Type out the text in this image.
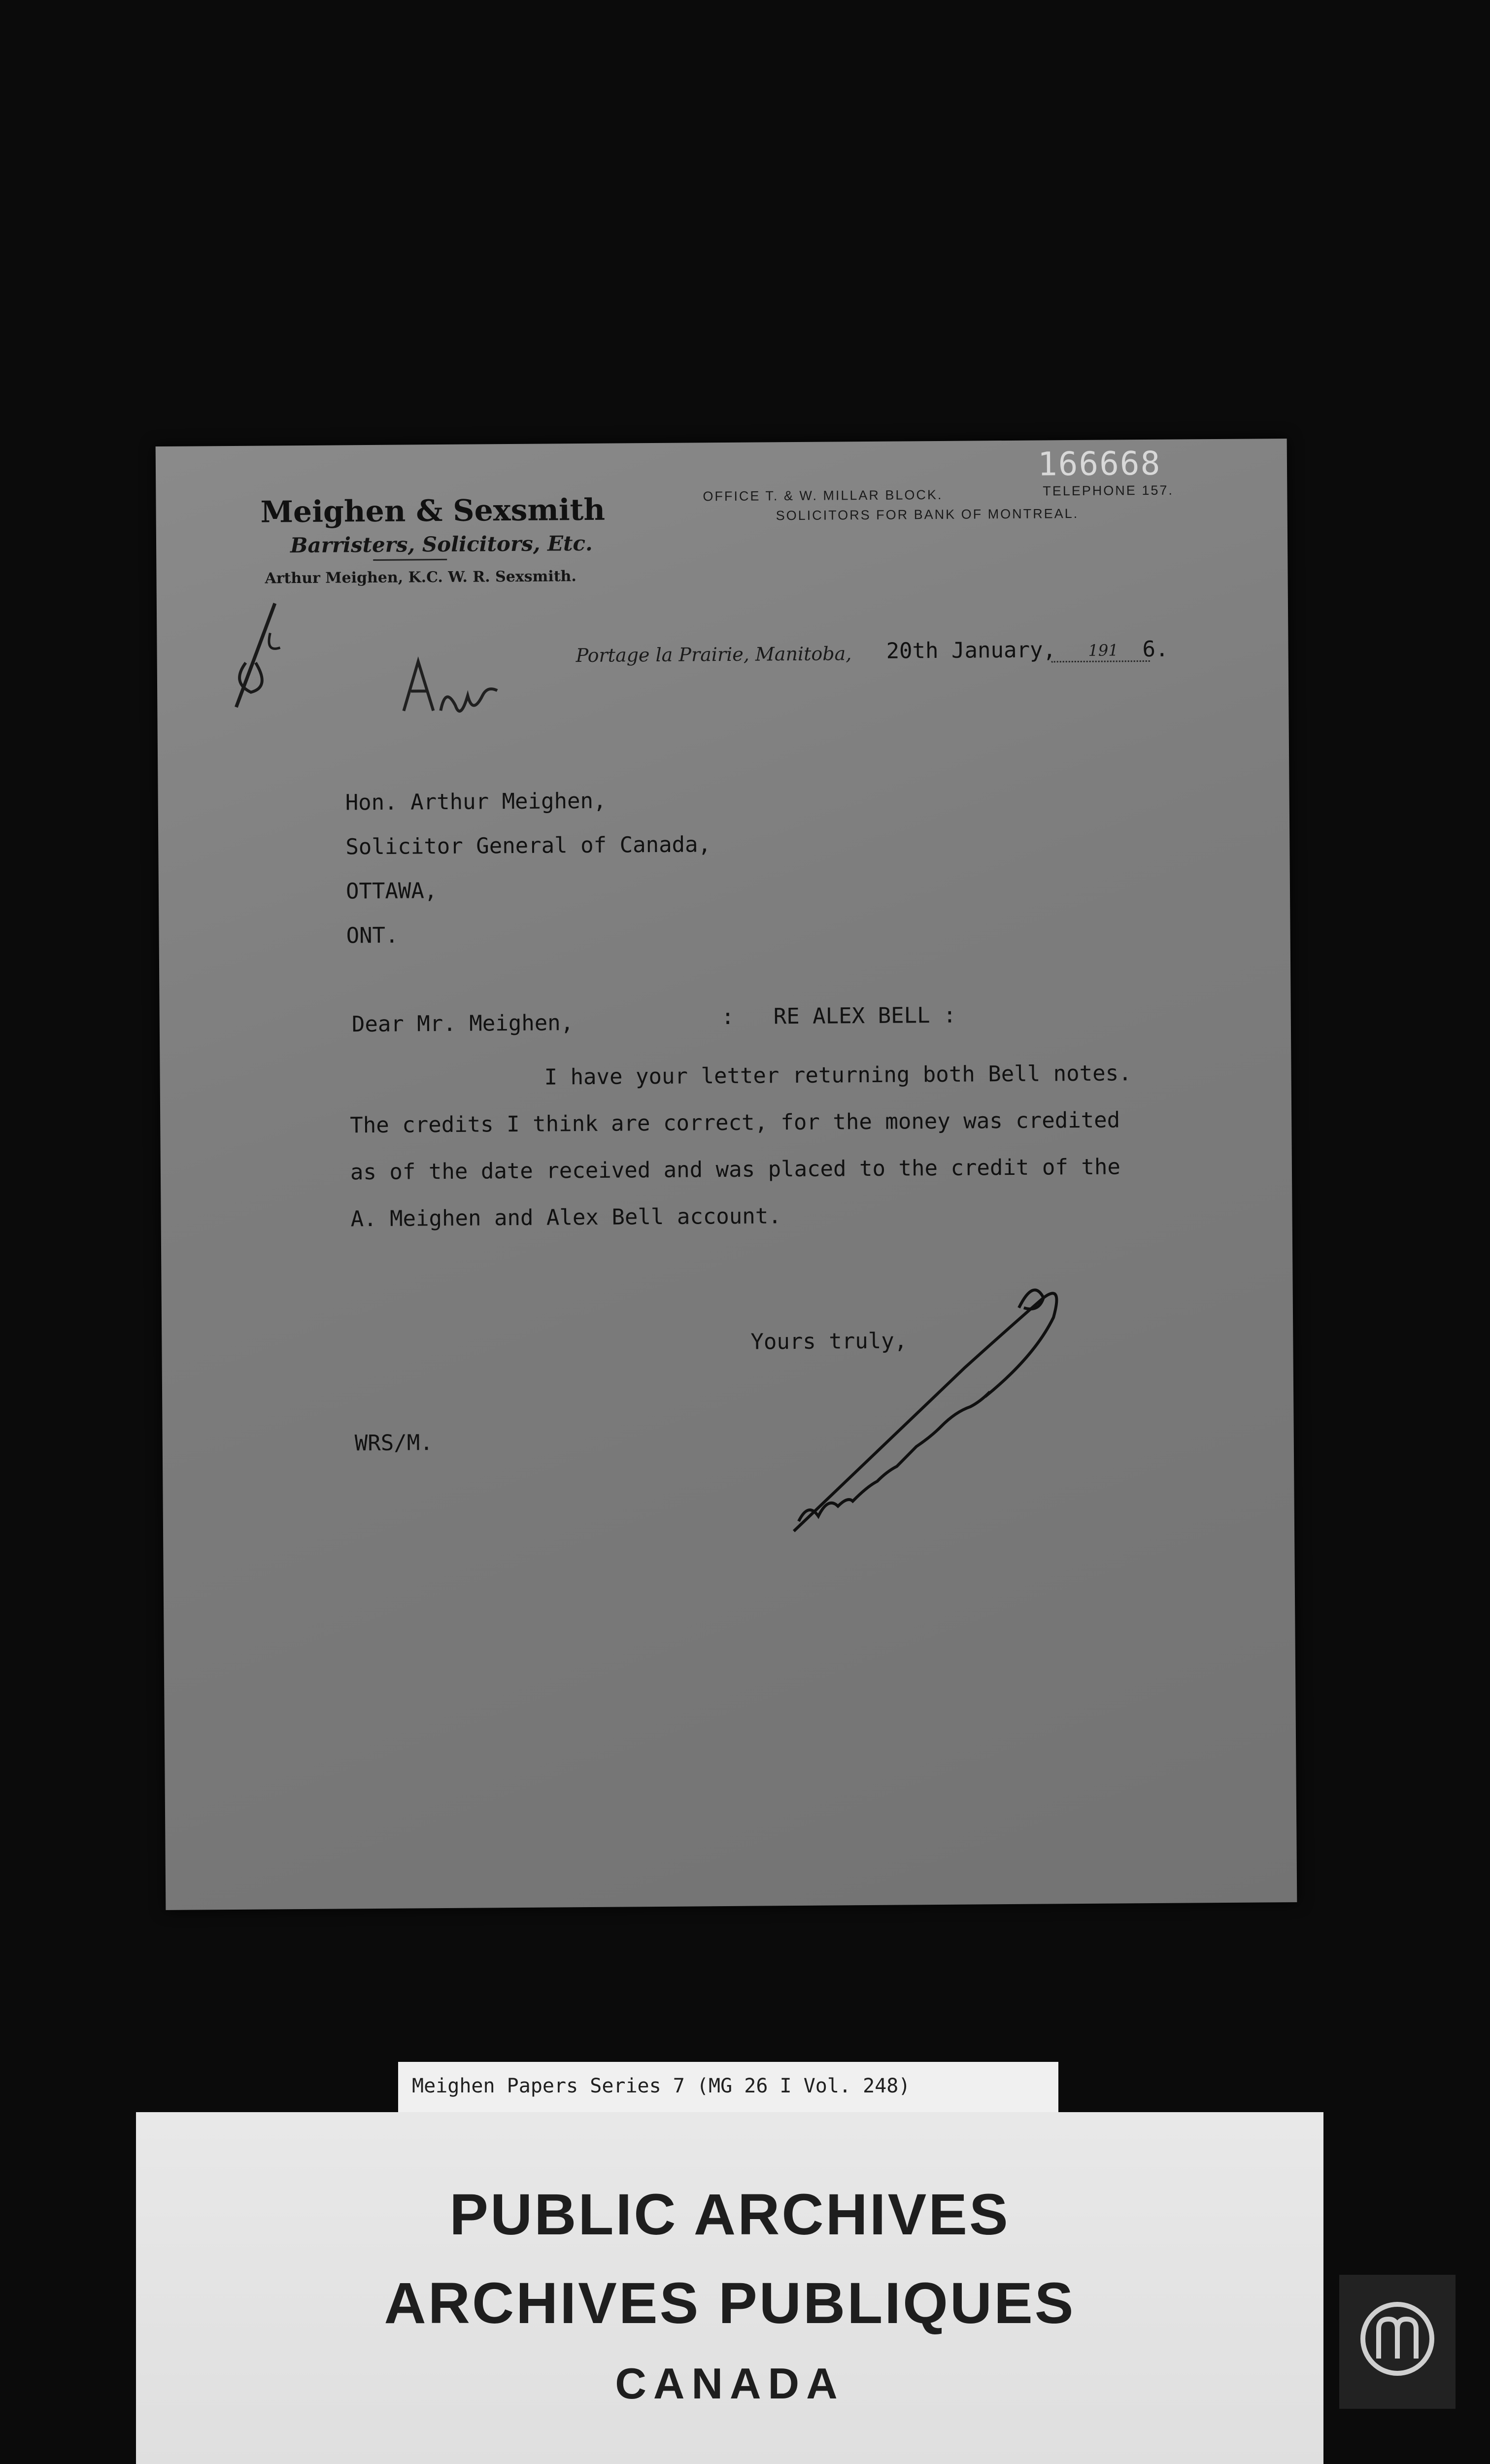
166668
Meighen & Sexsmith
Barristers, Solicitors, Etc.
Arthur Meighen, K.C. W. R. Sexsmith.
OFFICE T. & W. MILLAR BLOCK.	TELEPHONE 157.
SOLICITORS FOR BANK OF MONTREAL.
Portage la Prairie, Manitoba, 20th January, 191 6.
Hon. Arthur Meighen,
Solicitor General of Canada,
OTTAWA,
ONT.
Dear Mr. Meighen,	:   RE ALEX BELL :
I have your letter returning both Bell notes.
The credits I think are correct, for the money was credited
as of the date received and was placed to the credit of the
A. Meighen and Alex Bell account.
Yours truly,
WRS/M.
Meighen Papers Series 7 (MG 26 I Vol. 248)
PUBLIC ARCHIVES
ARCHIVES PUBLIQUES
CANADA
